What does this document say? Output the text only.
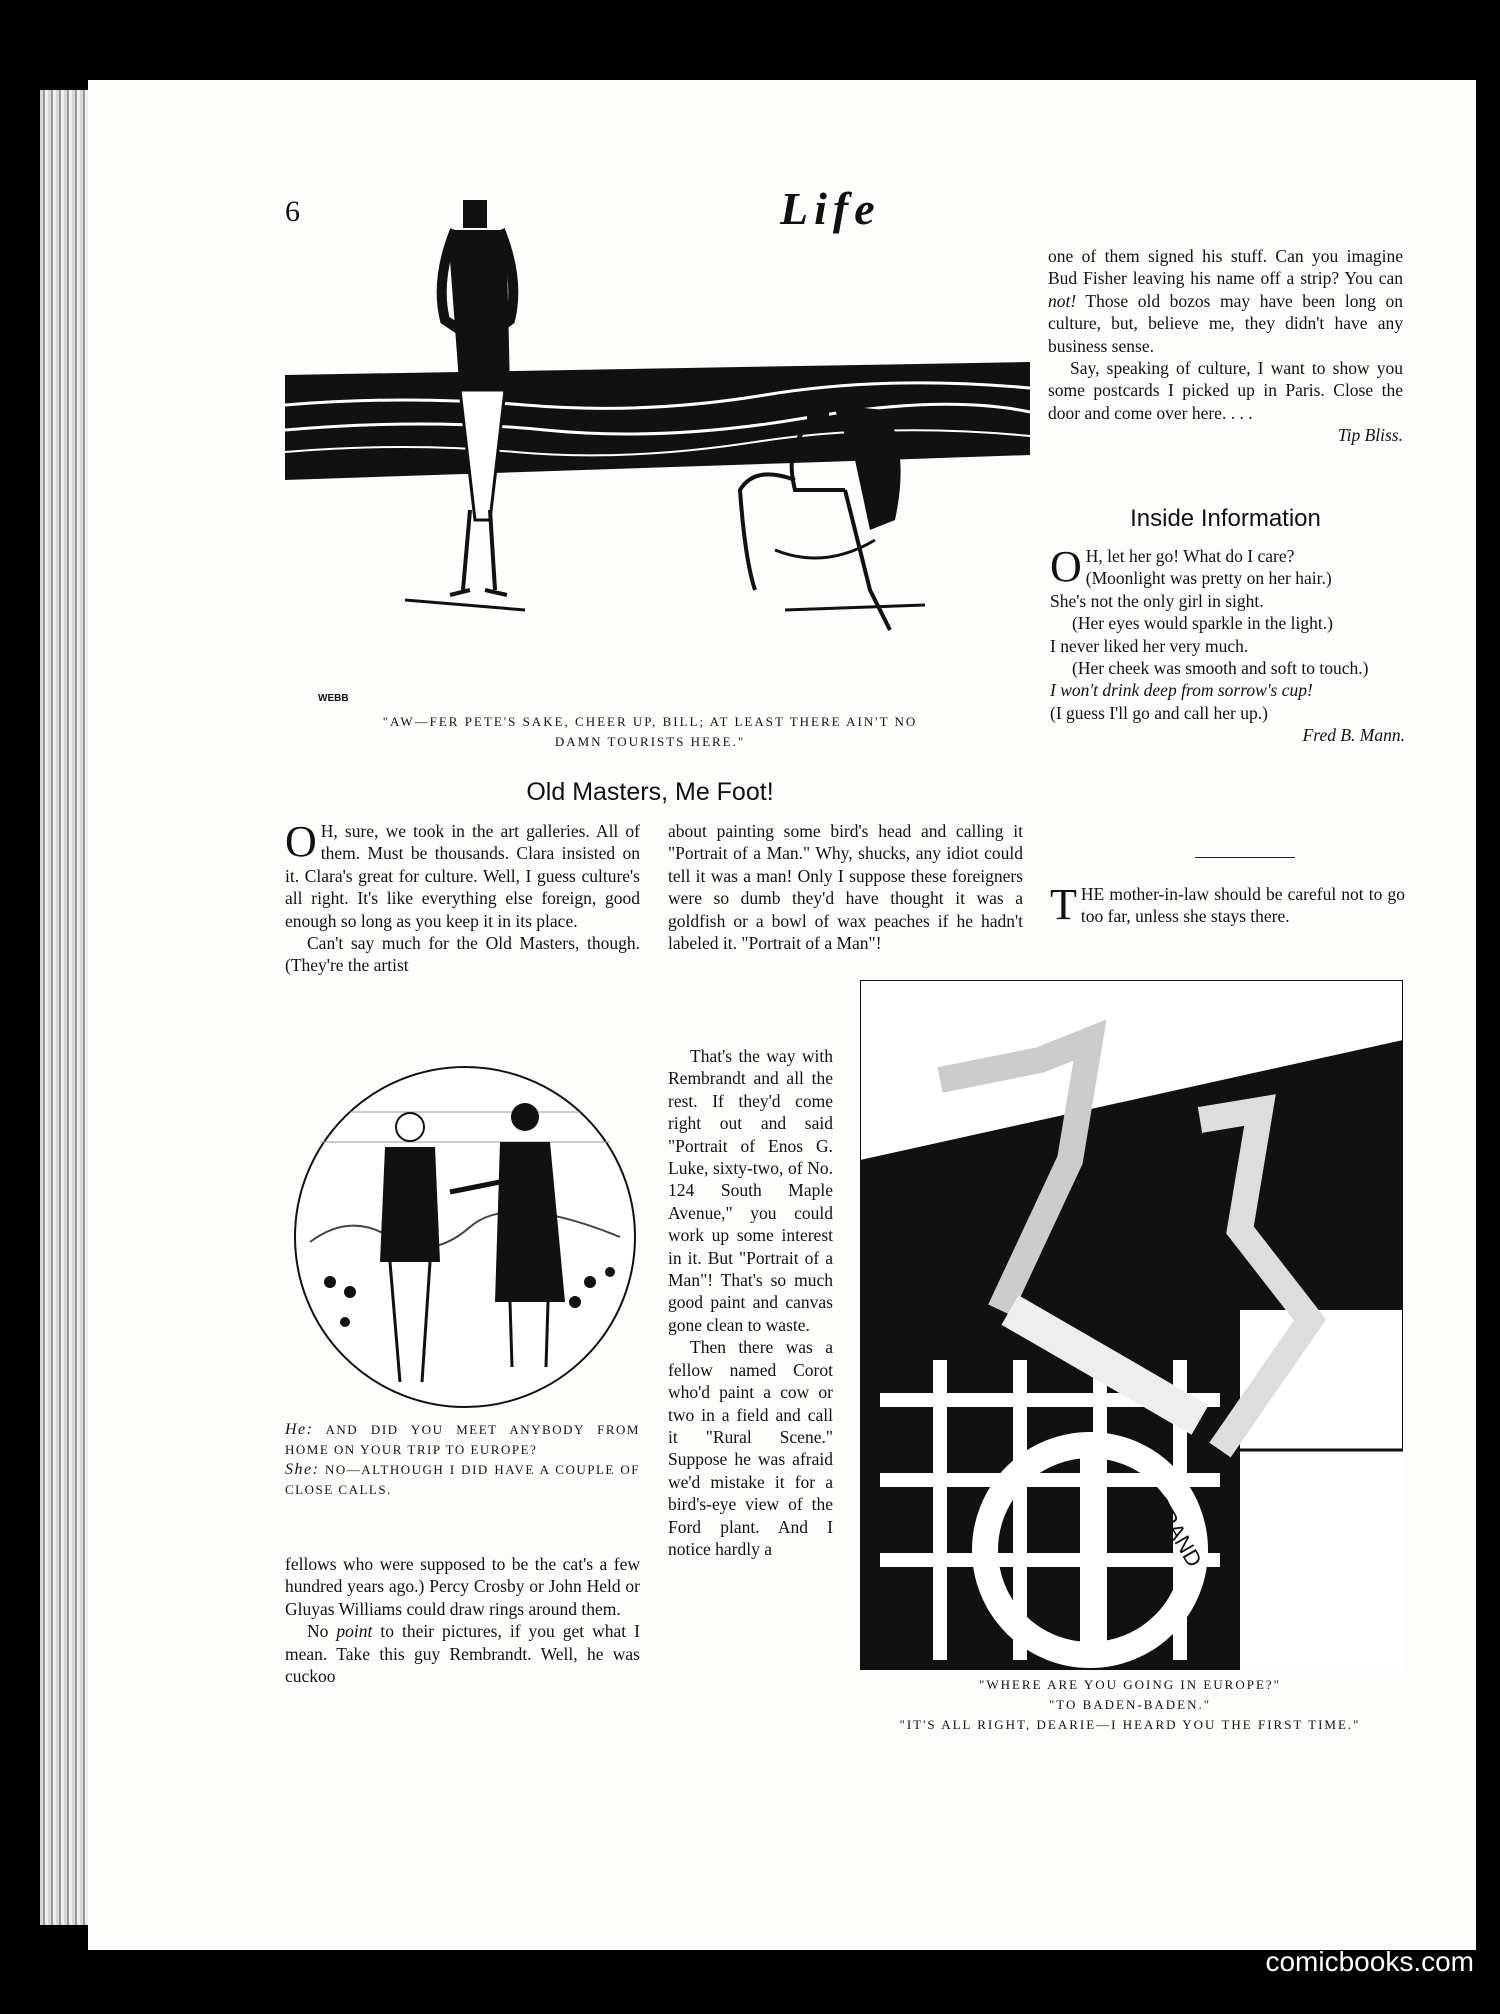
6	Life
WEBB
"AW—FER PETE'S SAKE, CHEER UP, BILL; AT LEAST THERE AIN'T NO
DAMN TOURISTS HERE."
Old Masters, Me Foot!

O H, sure, we took in the art galleries. All of them. Must be thousands. Clara insisted on it. Clara's great for culture. Well, I guess culture's all right. It's like everything else foreign, good enough so long as you keep it in its place.

Can't say much for the Old Masters, though. (They're the artist

He: AND DID YOU MEET ANYBODY FROM HOME ON YOUR TRIP TO EUROPE?
She: NO—ALTHOUGH I DID HAVE A COUPLE OF CLOSE CALLS.

fellows who were supposed to be the cat's a few hundred years ago.) Percy Crosby or John Held or Gluyas Williams could draw rings around them.

No point to their pictures, if you get what I mean. Take this guy Rembrandt. Well, he was cuckoo

about painting some bird's head and calling it "Portrait of a Man." Why, shucks, any idiot could tell it was a man! Only I suppose these foreigners were so dumb they'd have thought it was a goldfish or a bowl of wax peaches if he hadn't labeled it. "Portrait of a Man"!

That's the way with Rembrandt and all the rest. If they'd come right out and said "Portrait of Enos G. Luke, sixty-two, of No. 124 South Maple Avenue," you could work up some interest in it. But "Portrait of a Man"! That's so much good paint and canvas gone clean to waste.

Then there was a fellow named Corot who'd paint a cow or two in a field and call it "Rural Scene." Suppose he was afraid we'd mistake it for a bird's-eye view of the Ford plant. And I notice hardly a

one of them signed his stuff. Can you imagine Bud Fisher leaving his name off a strip? You can not! Those old bozos may have been long on culture, but, believe me, they didn't have any business sense.

Say, speaking of culture, I want to show you some postcards I picked up in Paris. Close the door and come over here. . . .

Tip Bliss.
Inside Information
O H, let her go! What do I care?
(Moonlight was pretty on her hair.)
She's not the only girl in sight.
(Her eyes would sparkle in the light.)
I never liked her very much.
(Her cheek was smooth and soft to touch.)
I won't drink deep from sorrow's cup!
(I guess I'll go and call her up.)
Fred B. Mann.

THE mother-in-law should be careful not to go too far, unless she stays there.

GRAND
"WHERE ARE YOU GOING IN EUROPE?"
"TO BADEN-BADEN."
"IT'S ALL RIGHT, DEARIE—I HEARD YOU THE FIRST TIME."
comicbooks.com
